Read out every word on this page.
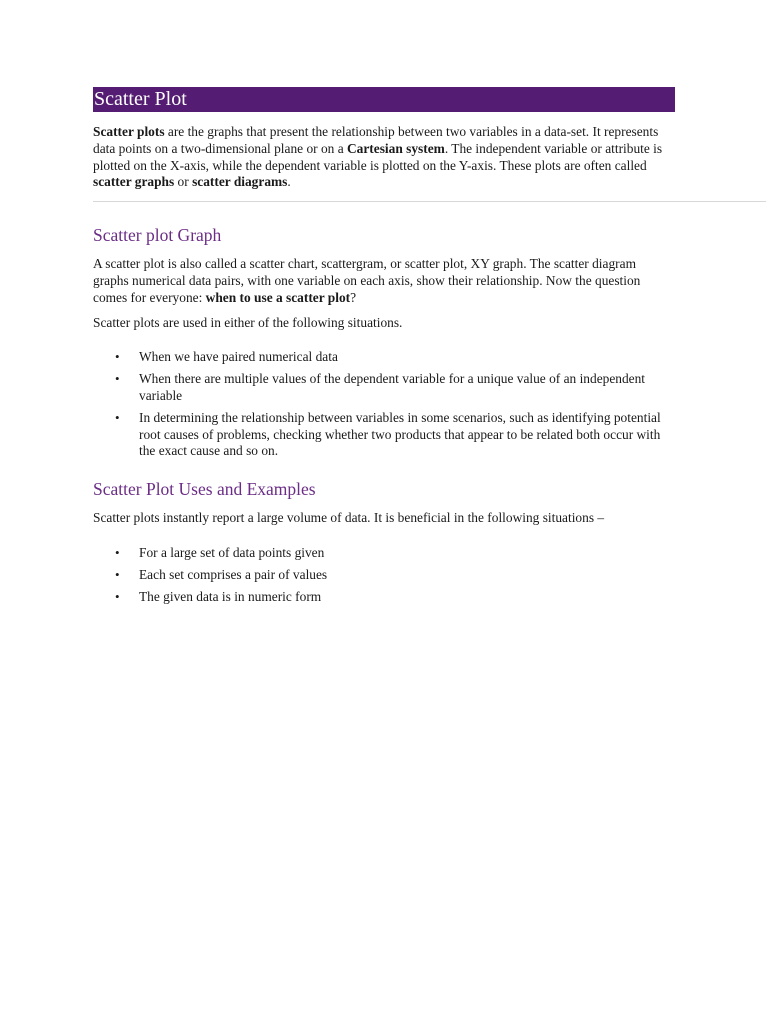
Scatter Plot

Scatter plots are the graphs that present the relationship between two variables in a data-set. It represents data points on a two-dimensional plane or on a Cartesian system. The independent variable or attribute is plotted on the X-axis, while the dependent variable is plotted on the Y-axis. These plots are often called scatter graphs or scatter diagrams.

Scatter plot Graph

A scatter plot is also called a scatter chart, scattergram, or scatter plot, XY graph. The scatter diagram graphs numerical data pairs, with one variable on each axis, show their relationship. Now the question comes for everyone: when to use a scatter plot?

Scatter plots are used in either of the following situations.

• When we have paired numerical data
• When there are multiple values of the dependent variable for a unique value of an independent variable
• In determining the relationship between variables in some scenarios, such as identifying potential root causes of problems, checking whether two products that appear to be related both occur with the exact cause and so on.
Scatter Plot Uses and Examples

Scatter plots instantly report a large volume of data. It is beneficial in the following situations –

• For a large set of data points given
• Each set comprises a pair of values
• The given data is in numeric form
